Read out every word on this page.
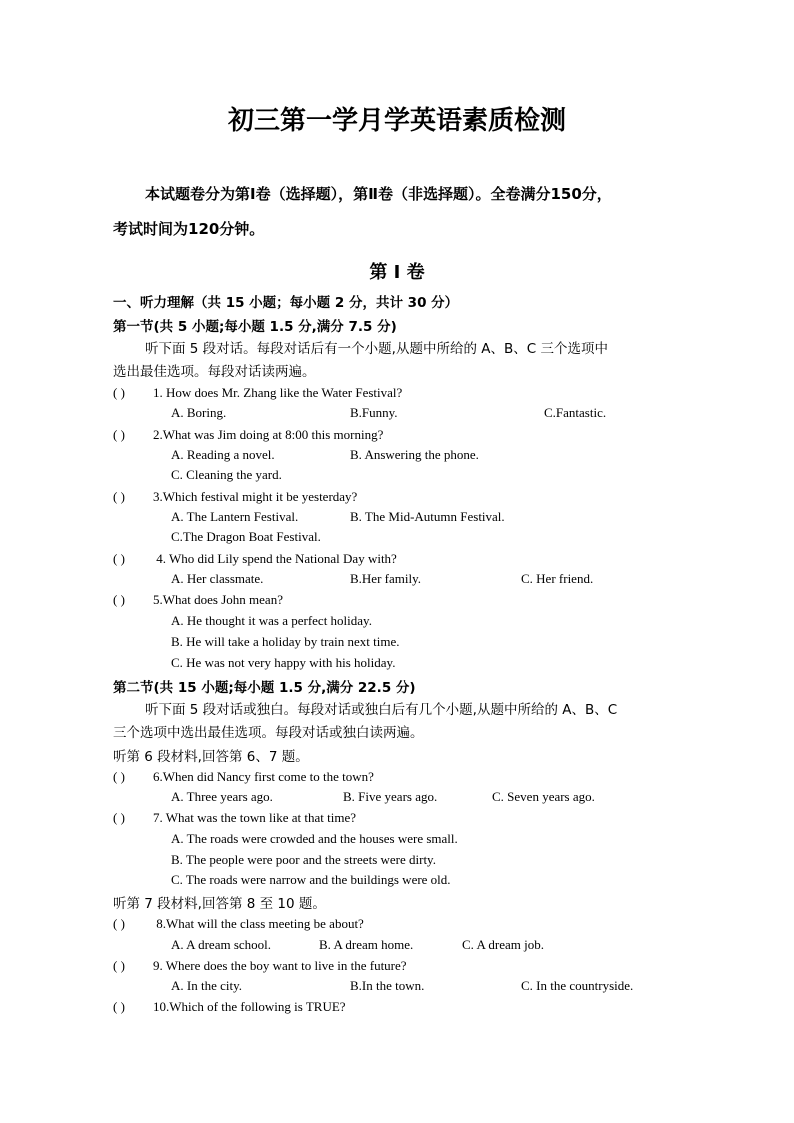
初三第一学月学英语素质检测
本试题卷分为第Ⅰ卷（选择题），第Ⅱ卷（非选择题）。全卷满分150分，
考试时间为120分钟。
第 Ⅰ 卷
一、听力理解（共 15 小题；每小题 2 分，共计 30 分）
第一节(共 5 小题;每小题 1.5 分,满分 7.5 分)
听下面 5 段对话。每段对话后有一个小题,从题中所给的 A、B、C 三个选项中
选出最佳选项。每段对话读两遍。
( ) 1. How does Mr. Zhang like the Water Festival?
A. Boring.	B.Funny.	C.Fantastic.
( ) 2.What was Jim doing at 8:00 this morning?
A. Reading a novel.	B. Answering the phone.
C. Cleaning the yard.
( ) 3.Which festival might it be yesterday?
A. The Lantern Festival.	B. The Mid-Autumn Festival.
C.The Dragon Boat Festival.
( ) 4. Who did Lily spend the National Day with?
A. Her classmate.	B.Her family.	C. Her friend.
( ) 5.What does John mean?
A. He thought it was a perfect holiday.
B. He will take a holiday by train next time.
C. He was not very happy with his holiday.
第二节(共 15 小题;每小题 1.5 分,满分 22.5 分)
听下面 5 段对话或独白。每段对话或独白后有几个小题,从题中所给的 A、B、C
三个选项中选出最佳选项。每段对话或独白读两遍。
听第 6 段材料,回答第 6、7 题。
( ) 6.When did Nancy first come to the town?
A. Three years ago.	B. Five years ago.	C. Seven years ago.
( ) 7. What was the town like at that time?
A. The roads were crowded and the houses were small.
B. The people were poor and the streets were dirty.
C. The roads were narrow and the buildings were old.
听第 7 段材料,回答第 8 至 10 题。
( ) 8.What will the class meeting be about?
A. A dream school.	B. A dream home.	C. A dream job.
( ) 9. Where does the boy want to live in the future?
A. In the city.	B.In the town.	C. In the countryside.
( ) 10.Which of the following is TRUE?
